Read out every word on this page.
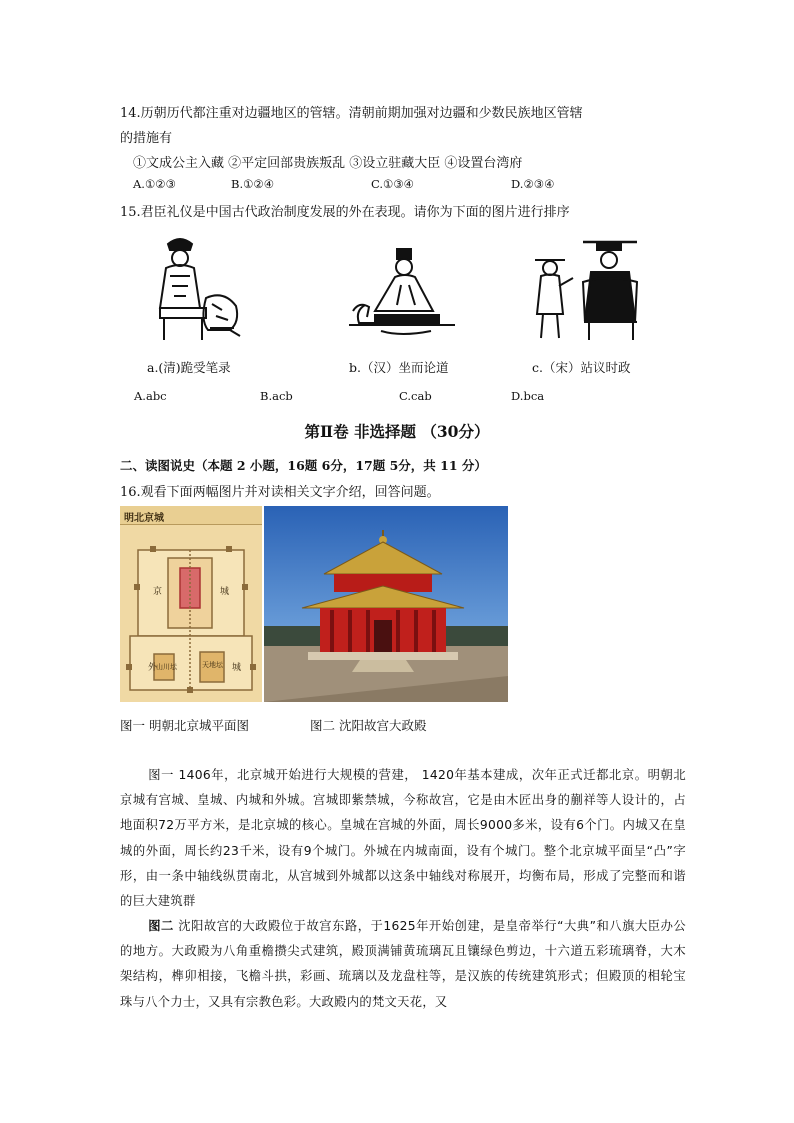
14.历朝历代都注重对边疆地区的管辖。清朝前期加强对边疆和少数民族地区管辖
的措施有
①文成公主入藏 ②平定回部贵族叛乱 ③设立驻藏大臣 ④设置台湾府
A.①②③	B.①②④	C.①③④	D.②③④
15.君臣礼仪是中国古代政治制度发展的外在表现。请你为下面的图片进行排序
a.(清)跪受笔录	b.（汉）坐而论道	c.（宋）站议时政
A.abc	B.acb	C.cab	D.bca
第Ⅱ卷 非选择题 （30分）
二、读图说史（本题 2 小题，16题 6分，17题 5分，共 11 分）
16.观看下面两幅图片并对读相关文字介绍，回答问题。
明北京城
京	城
外	城
天地坛
山川坛
图一 明朝北京城平面图	图二 沈阳故宫大政殿
图一 1406年，北京城开始进行大规模的营建， 1420年基本建成，次年正式迁都北京。明朝北京城有宫城、皇城、内城和外城。宫城即紫禁城，今称故宫，它是由木匠出身的蒯祥等人设计的，占地面积72万平方米，是北京城的核心。皇城在宫城的外面，周长9000多米，设有6个门。内城又在皇城的外面，周长约23千米，设有9个城门。外城在内城南面，设有个城门。整个北京城平面呈“凸”字形，由一条中轴线纵贯南北，从宫城到外城都以这条中轴线对称展开，均衡布局，形成了完整而和谐的巨大建筑群
图二 沈阳故宫的大政殿位于故宫东路，于1625年开始创建，是皇帝举行“大典”和八旗大臣办公的地方。大政殿为八角重檐攒尖式建筑，殿顶满铺黄琉璃瓦且镶绿色剪边，十六道五彩琉璃脊，大木架结构，榫卯相接，飞檐斗拱，彩画、琉璃以及龙盘柱等，是汉族的传统建筑形式；但殿顶的相轮宝珠与八个力士，又具有宗教色彩。大政殿内的梵文天花，又
